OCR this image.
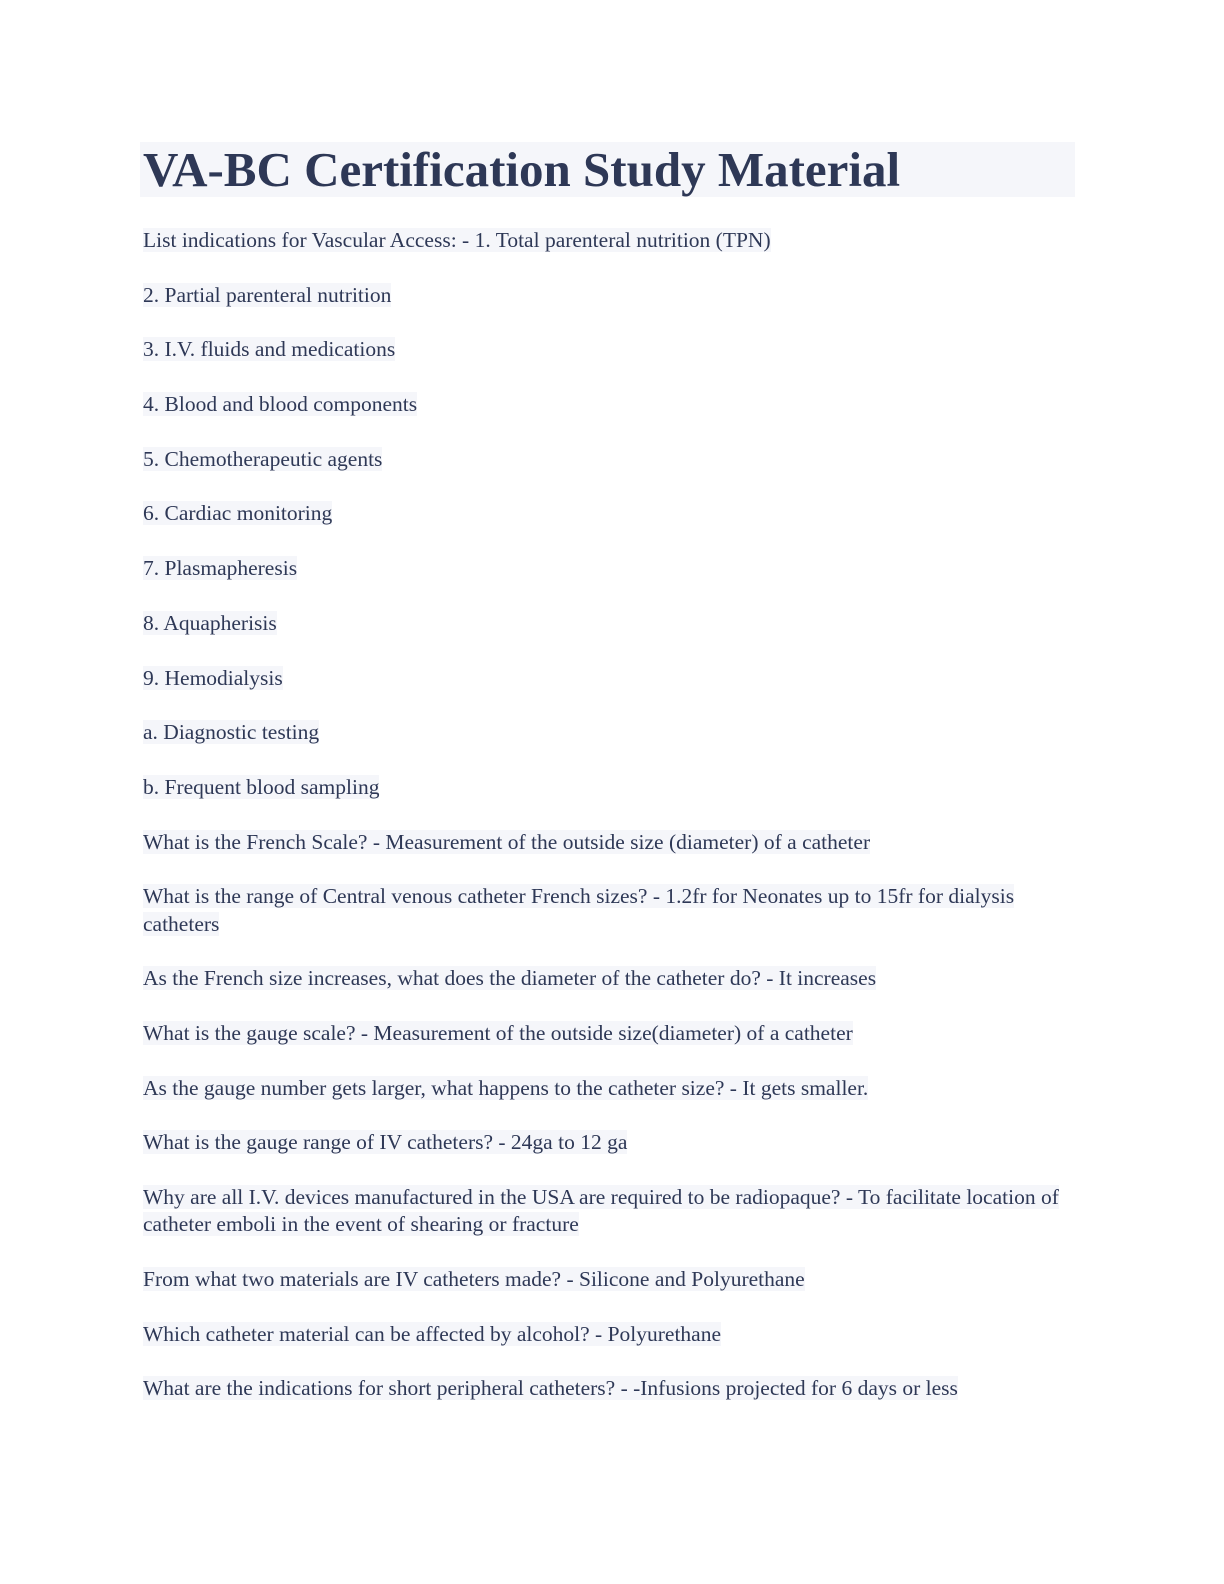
VA-BC Certification Study Material

List indications for Vascular Access: - 1. Total parenteral nutrition (TPN)

2. Partial parenteral nutrition

3. I.V. fluids and medications

4. Blood and blood components

5. Chemotherapeutic agents

6. Cardiac monitoring

7. Plasmapheresis

8. Aquapherisis

9. Hemodialysis

a. Diagnostic testing

b. Frequent blood sampling

What is the French Scale? - Measurement of the outside size (diameter) of a catheter

What is the range of Central venous catheter French sizes? - 1.2fr for Neonates up to 15fr for dialysis catheters

As the French size increases, what does the diameter of the catheter do? - It increases

What is the gauge scale? - Measurement of the outside size(diameter) of a catheter

As the gauge number gets larger, what happens to the catheter size? - It gets smaller.

What is the gauge range of IV catheters? - 24ga to 12 ga

Why are all I.V. devices manufactured in the USA are required to be radiopaque? - To facilitate location of catheter emboli in the event of shearing or fracture

From what two materials are IV catheters made? - Silicone and Polyurethane

Which catheter material can be affected by alcohol? - Polyurethane

What are the indications for short peripheral catheters? - -Infusions projected for 6 days or less
